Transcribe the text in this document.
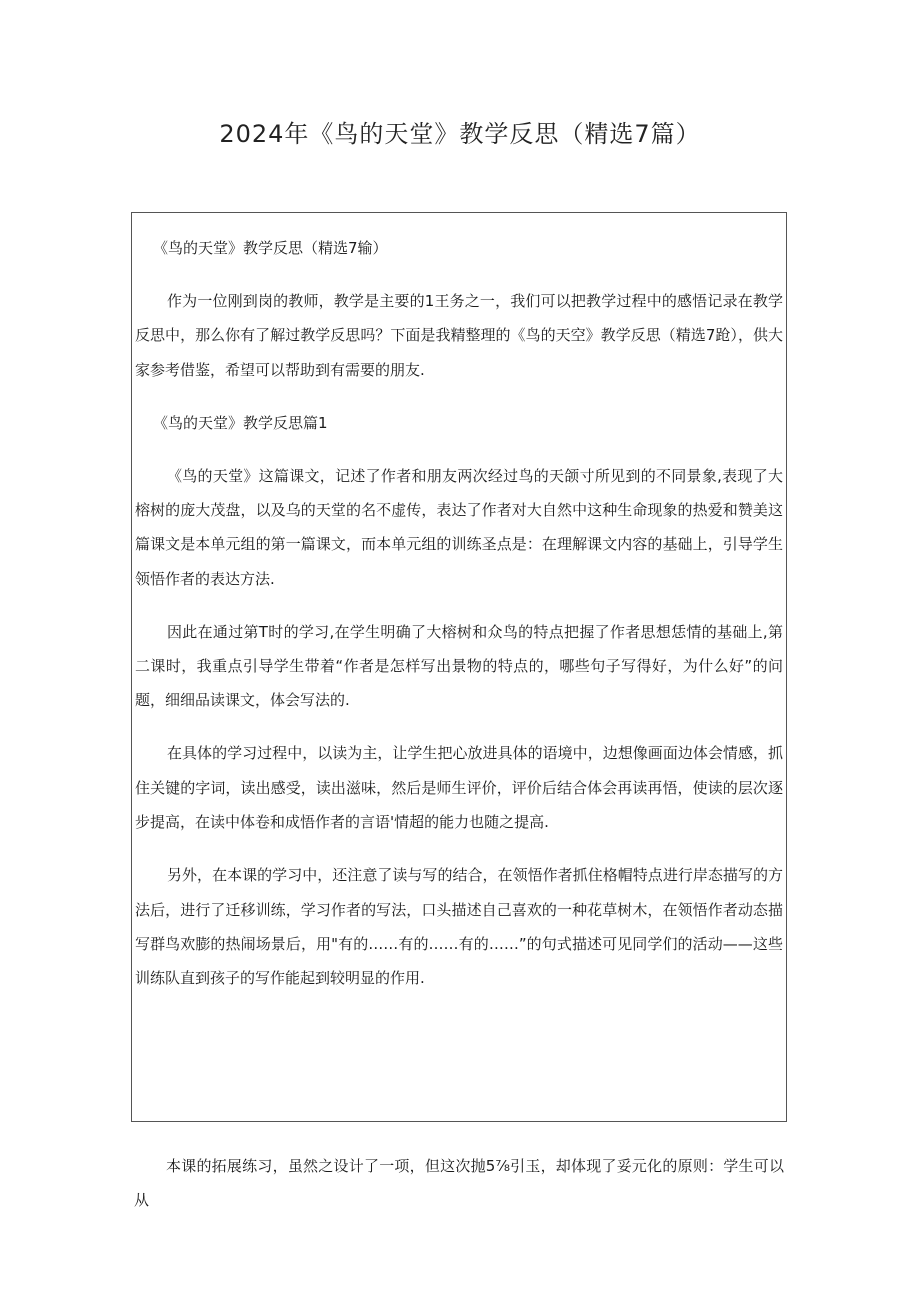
2024年《鸟的天堂》教学反思（精选7篇）

《鸟的天堂》教学反思（精选7输）

作为一位刚到岗的教师，教学是主要的1王务之一，我们可以把教学过程中的感悟记录在教学反思中，那么你有了解过教学反思吗？下面是我精整理的《鸟的天空》教学反思（精选7跄），供大家参考借鉴，希望可以帮助到有需要的朋友.

《鸟的天堂》教学反思篇1

《鸟的天堂》这篇课文，记述了作者和朋友两次经过鸟的天颌寸所见到的不同景象,表现了大榕树的庞大茂盘，以及乌的天堂的名不虚传，表达了作者对大自然中这种生命现象的热爱和赞美这篇课文是本单元组的第一篇课文，而本单元组的训练圣点是：在理解课文内容的基础上，引导学生领悟作者的表达方法.

因此在通过第T时的学习,在学生明确了大榕树和众鸟的特点把握了作者思想恁情的基础上,第二课时，我重点引导学生带着“作者是怎样写出景物的特点的，哪些句子写得好，为什么好”的问题，细细品读课文，体会写法的.

在具体的学习过程中，以读为主，让学生把心放进具体的语境中，边想像画面边体会情感，抓住关键的字词，读出感受，读出滋味，然后是师生评价，评价后结合体会再读再悟，使读的层次逐步提高，在读中体卷和成悟作者的言语'情超的能力也随之提高.

另外，在本课的学习中，还注意了读与写的结合，在领悟作者抓住格帽特点进行岸态描写的方法后，进行了迁移训练，学习作者的写法，口头描述自己喜欢的一种花草树木，在领悟作者动态描写群鸟欢膨的热闹场景后，用"有的……有的……有的……”的句式描述可见同学们的活动——这些训练队直到孩子的写作能起到较明显的作用.

本课的拓展练习，虽然之设计了一项，但这次抛5⅞引玉，却体现了妥元化的原则：学生可以从
